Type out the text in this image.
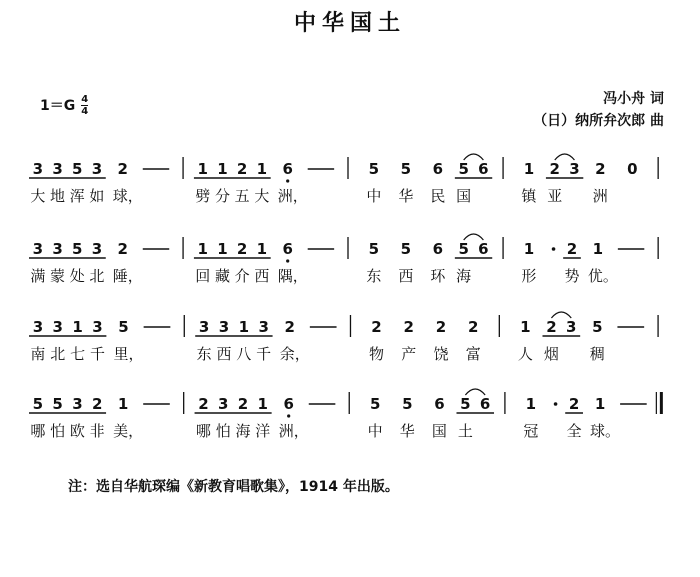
中华国土
$1=G \frac{4}{4}$	冯小舟 词
（日）纳所弁次郎 曲
3 3 5 3 2	1 1 2 1 6	5 5 6 5 6 1 2 3 2 0
大 地 浑 如 球，	劈 分 五 大 洲，	中 华 民 国	镇 亚 洲
3 3 5 3 2	1 1 2 1 6	5 5 6 5 6 1 2 1
满 蒙 处 北 陲，	回 藏 介 西 隅，	东 西 环 海	形 势 优。
3 3 1 3 5	3 3 1 3 2	2 2 2 2	1 2 3 5
南 北 七 千 里，	东 西 八 千 余，	物 产 饶 富 人 烟 稠
5 5 3 2 1	2 3 2 1 6	5 5 6 5 6 1 2 1
哪 怕 欧 非 美，	哪 怕 海 洋 洲，	中 华 国 土	冠 全 球。
注：选自华航琛编《新教育唱歌集》，1914 年出版。
